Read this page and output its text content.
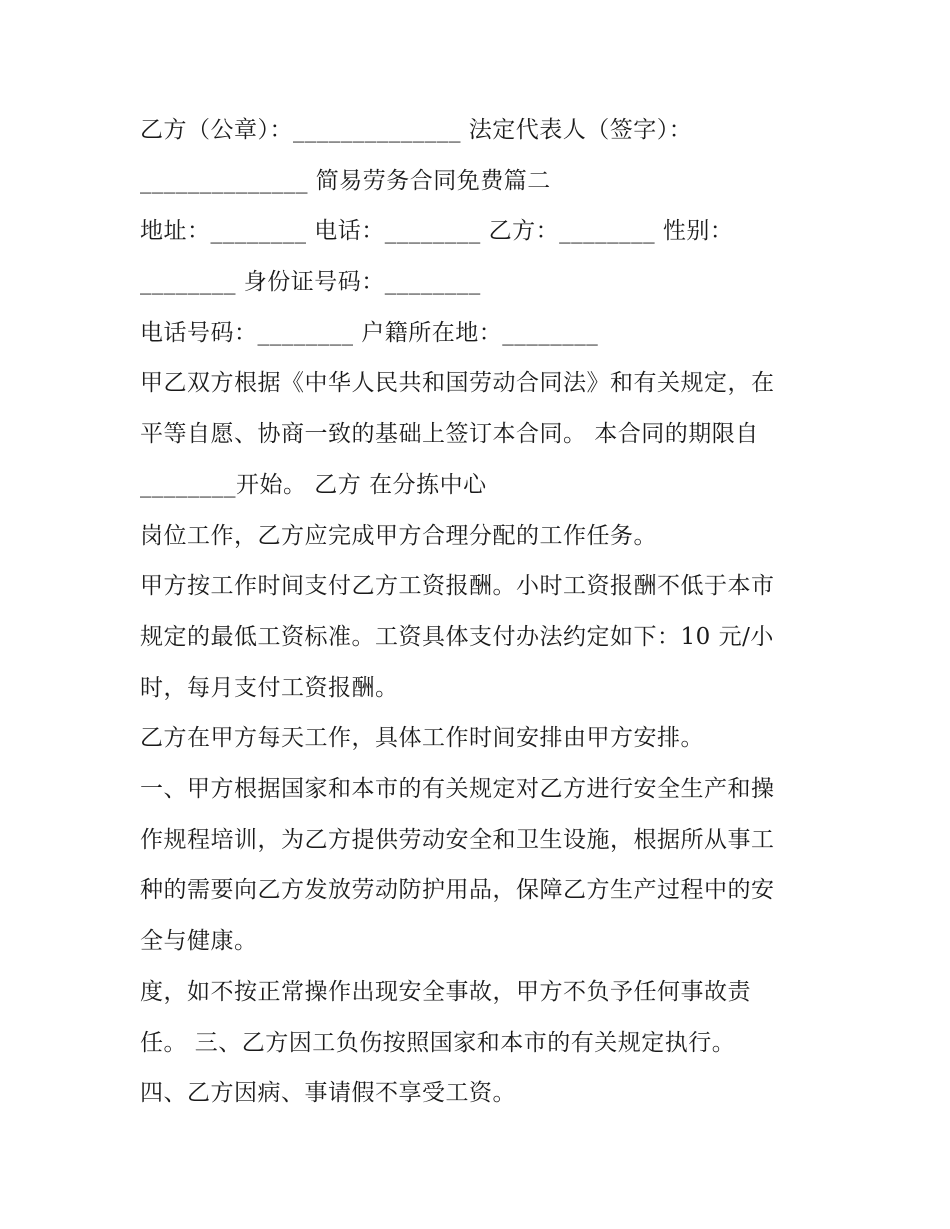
乙方（公章）：______________ 法定代表人（签字）：
______________ 简易劳务合同免费篇二
地址：________ 电话：________ 乙方：________ 性别：
________ 身份证号码：________
电话号码：________ 户籍所在地：________
甲乙双方根据《中华人民共和国劳动合同法》和有关规定，在
平等自愿、协商一致的基础上签订本合同。 本合同的期限自
________开始。 乙方 在分拣中心
岗位工作，乙方应完成甲方合理分配的工作任务。
甲方按工作时间支付乙方工资报酬。小时工资报酬不低于本市
规定的最低工资标准。工资具体支付办法约定如下：10 元/小
时，每月支付工资报酬。
乙方在甲方每天工作，具体工作时间安排由甲方安排。
一、甲方根据国家和本市的有关规定对乙方进行安全生产和操
作规程培训，为乙方提供劳动安全和卫生设施，根据所从事工
种的需要向乙方发放劳动防护用品，保障乙方生产过程中的安
全与健康。
度，如不按正常操作出现安全事故，甲方不负予任何事故责
任。 三、乙方因工负伤按照国家和本市的有关规定执行。
四、乙方因病、事请假不享受工资。
